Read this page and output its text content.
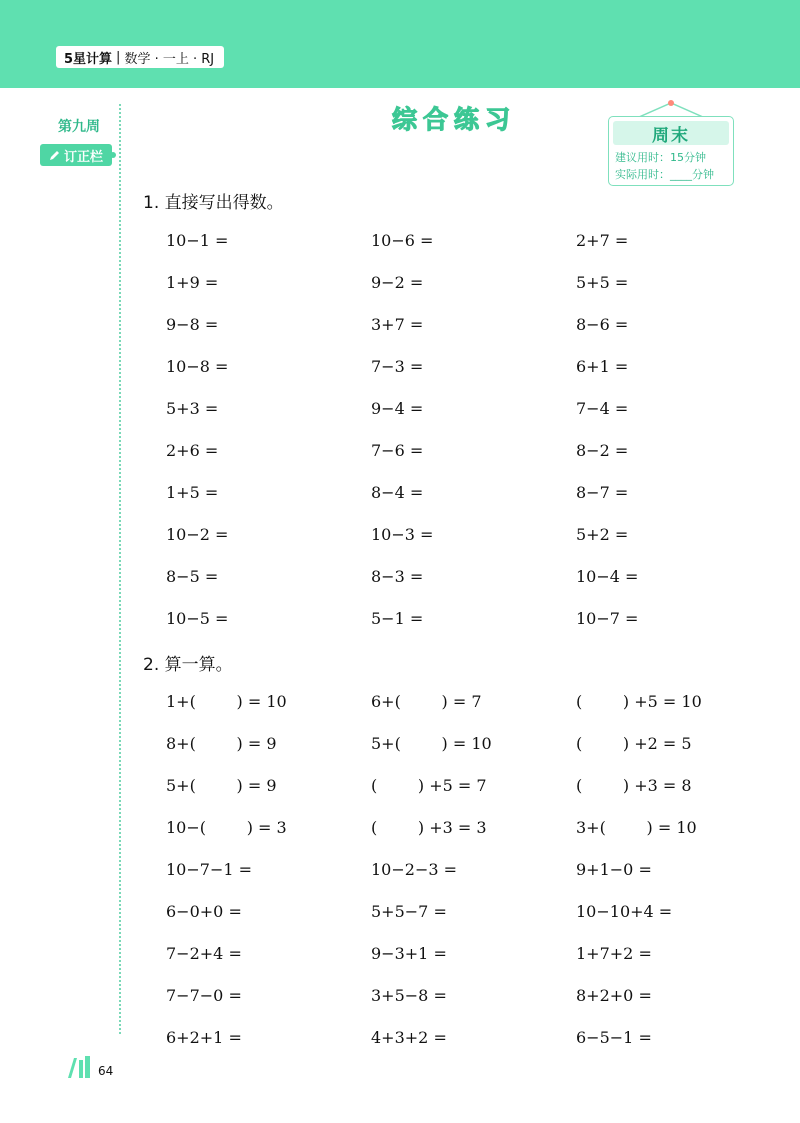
5星计算 | 数学 · 一上 · RJ
第九周
订正栏
综合练习
周末
建议用时：15分钟
实际用时：____分钟
1. 直接写出得数。
10−1 =	10−6 =	2+7 =
1+9 =	9−2 =	5+5 =
9−8 =	3+7 =	8−6 =
10−8 =	7−3 =	6+1 =
5+3 =	9−4 =	7−4 =
2+6 =	7−6 =	8−2 =
1+5 =	8−4 =	8−7 =
10−2 =	10−3 =	5+2 =
8−5 =	8−3 =	10−4 =
10−5 =	5−1 =	10−7 =
2. 算一算。
1+(        ) = 10	6+(        ) = 7	(        ) +5 = 10
8+(        ) = 9	5+(        ) = 10	(        ) +2 = 5
5+(        ) = 9	(        ) +5 = 7	(        ) +3 = 8
10−(        ) = 3	(        ) +3 = 3	3+(        ) = 10
10−7−1 =	10−2−3 =	9+1−0 =
6−0+0 =	5+5−7 =	10−10+4 =
7−2+4 =	9−3+1 =	1+7+2 =
7−7−0 =	3+5−8 =	8+2+0 =
6+2+1 =	4+3+2 =	6−5−1 =
64
